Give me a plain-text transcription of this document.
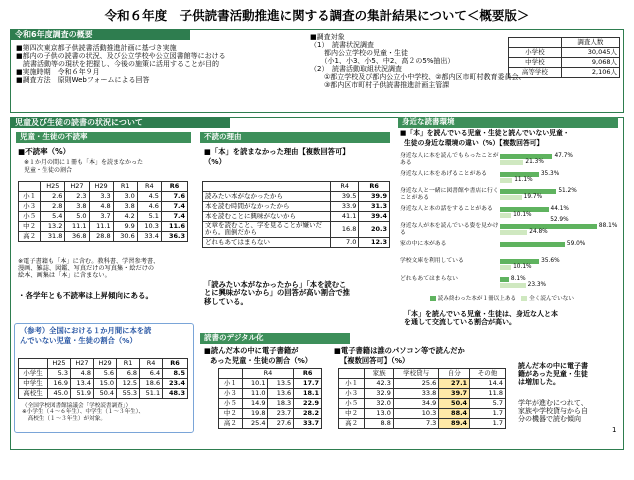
令和６年度　子供読書活動推進に関する調査の集計結果について＜概要版＞
令和6年度調査の概要
■第四次東京都子供読書活動推進計画に基づき実施
■都内の子供の読書の状況、及び公立学校や公立図書館等における
　読書活動等の現状を把握し、今後の施策に活用することが目的
■実施時期　令和６年９月
■調査方法　原則Webフォームによる回答
■調査対象
（1）　読書状況調査
　　都内公立学校の児童・生徒
　　（小1、小3、小5、中2、高２の5%抽出）
（2）　読書活動取組状況調査
　　①都立学校及び都内公立小中学校、②都内区市町村教育委員会、
　　③都内区市町村子供読書推進計画主管課
	調査人数
小学校	30,045人
中学校	9,068人
高等学校	2,106人
児童及び生徒の読書の状況について
児童・生徒の不読率
■不読率（%）
※１か月の間に１冊も「本」を読まなかった
児童・生徒の割合
	H25	H27	H29	R1	R4	R6
小１	2.6	2.3	3.3	3.0	4.5	7.6
小３	2.8	3.8	4.8	3.8	4.6	7.4
小５	5.4	5.0	3.7	4.2	5.1	7.4
中２	13.2	11.1	11.1	9.9	10.3	11.6
高２	31.8	36.8	28.8	30.6	33.4	36.3
※電子書籍も「本」に含む。教科書、学習参考書、
漫画、雑誌、図鑑、写真だけの写真集・絵だけの
絵本、画集は「本」に含まない。
・各学年とも不読率は上昇傾向にある。
（参考）全国における１か月間に本を読
んでいない児童・生徒の割合（%）
	H25	H27	H29	R1	R4	R6
小学生	5.3	4.8	5.6	6.8	6.4	8.5
中学生	16.9	13.4	15.0	12.5	18.6	23.4
高校生	45.0	51.9	50.4	55.3	51.1	48.3
（全国学校図書館協議会「学校読書調査」）
※小学生（４～６年生）、中学生（１～３年生）、
　高校生（１～３年生）が対象。
不読の理由
■「本」を読まなかった理由【複数回答可】
（%）
	R4	R6
読みたい本がなかったから	39.5	39.9
本を読む時間がなかったから	33.9	31.3
本を読むことに興味がないから	41.1	39.4
文章を読むこと、字を見ることが嫌いだから。面倒だから	16.8	20.3
どれもあてはまらない	7.0	12.3
「読みたい本がなかったから」「本を読むこ
とに興味がないから」の回答が高い割合で推
移している。
身近な読書環境
■「本」を読んでいる児童・生徒と読んでいない児童・
生徒の身近な環境の違い（%）【複数回答可】
身近な人に本を読んでもらったことがある
47.7%
21.3%
身近な人に本をあげることがある	35.3%
11.1%
身近な人と一緒に図書館や書店に行くことがある
51.2%
19.7%
身近な人と本の話をすることがある	44.1%
10.1%
身近な人が本を読んでいる姿を見かける
88.1%
52.9%
24.8%
家の中に本がある	59.0%
学校文庫を利用している	35.6%
10.1%
どれもあてはまらない	8.1%
23.3%
読み終わった本が１冊以上ある 全く読んでいない
「本」を読んでいる児童・生徒は、身近な人と本
を通して交流している割合が高い。
読書のデジタル化
■読んだ本の中に電子書籍が
あった児童・生徒の割合（%）
	R4		R6
小１	10.1	13.5	17.7
小３	11.0	13.6	18.1
小５	14.9	18.3	22.9
中２	19.8	23.7	28.2
高２	25.4	27.6	33.7
■電子書籍は誰のパソコン等で読んだか
【複数回答可】（%）
	家族	学校貸与	自分	その他
小１	42.3	25.6	27.1	14.4
小３	32.9	33.8	39.7	11.8
小５	32.0	34.9	50.4	5.7
中２	13.0	10.3	88.4	1.7
高２	8.8	7.3	89.4	1.7
読んだ本の中に電子書
籍があった児童・生徒
は増加した。
学年が進むにつれて、
家族や学校貸与から自
分の機器で読む傾向
1
